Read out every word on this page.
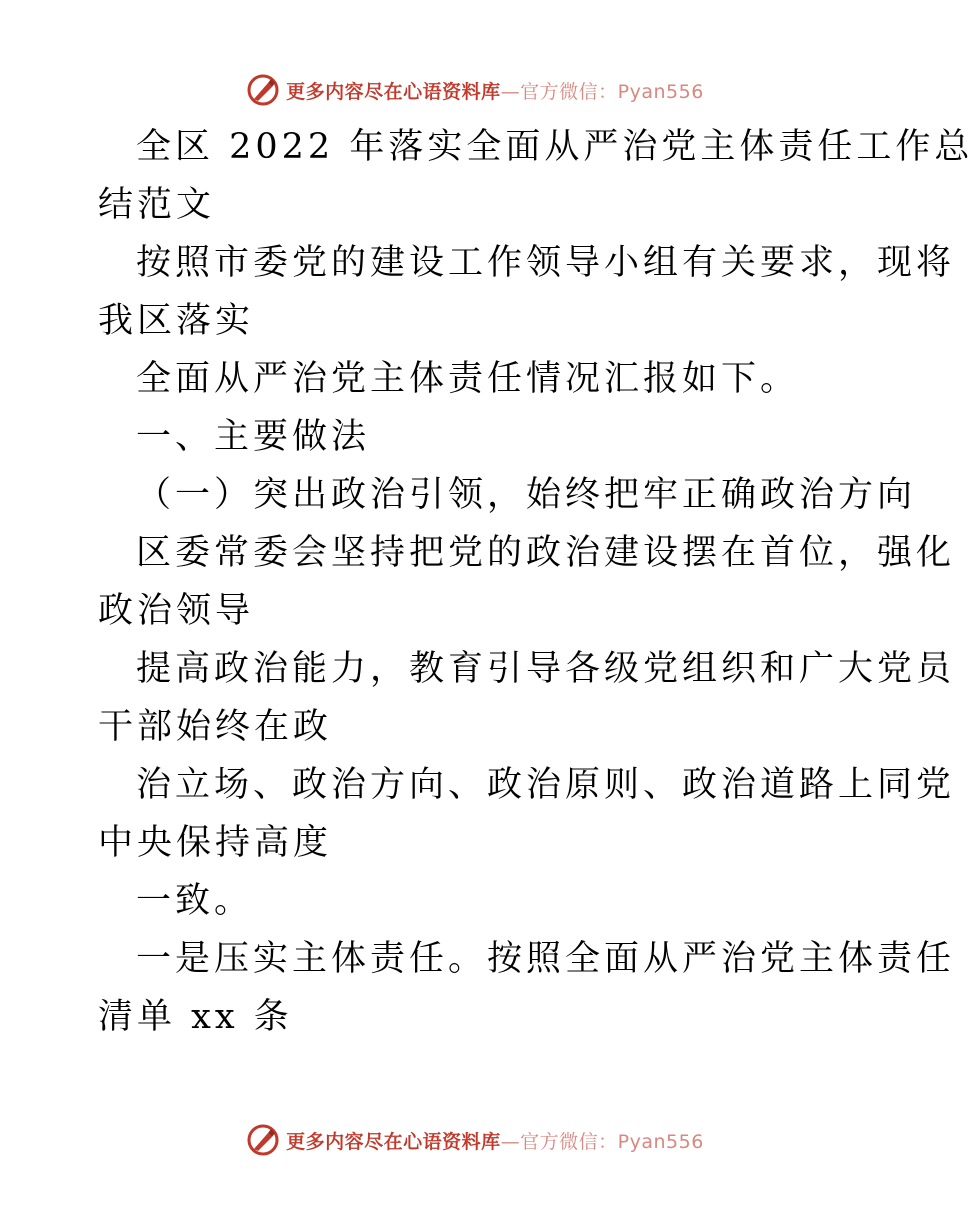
更多内容尽在心语资料库—官方微信：Pyan556
全区 2022 年落实全面从严治党主体责任工作总
结范文
按照市委党的建设工作领导小组有关要求，现将
我区落实
全面从严治党主体责任情况汇报如下。
一、主要做法
（一）突出政治引领，始终把牢正确政治方向
区委常委会坚持把党的政治建设摆在首位，强化
政治领导
提高政治能力，教育引导各级党组织和广大党员
干部始终在政
治立场、政治方向、政治原则、政治道路上同党
中央保持高度
一致。
一是压实主体责任。按照全面从严治党主体责任
清单 xx 条
更多内容尽在心语资料库—官方微信：Pyan556
